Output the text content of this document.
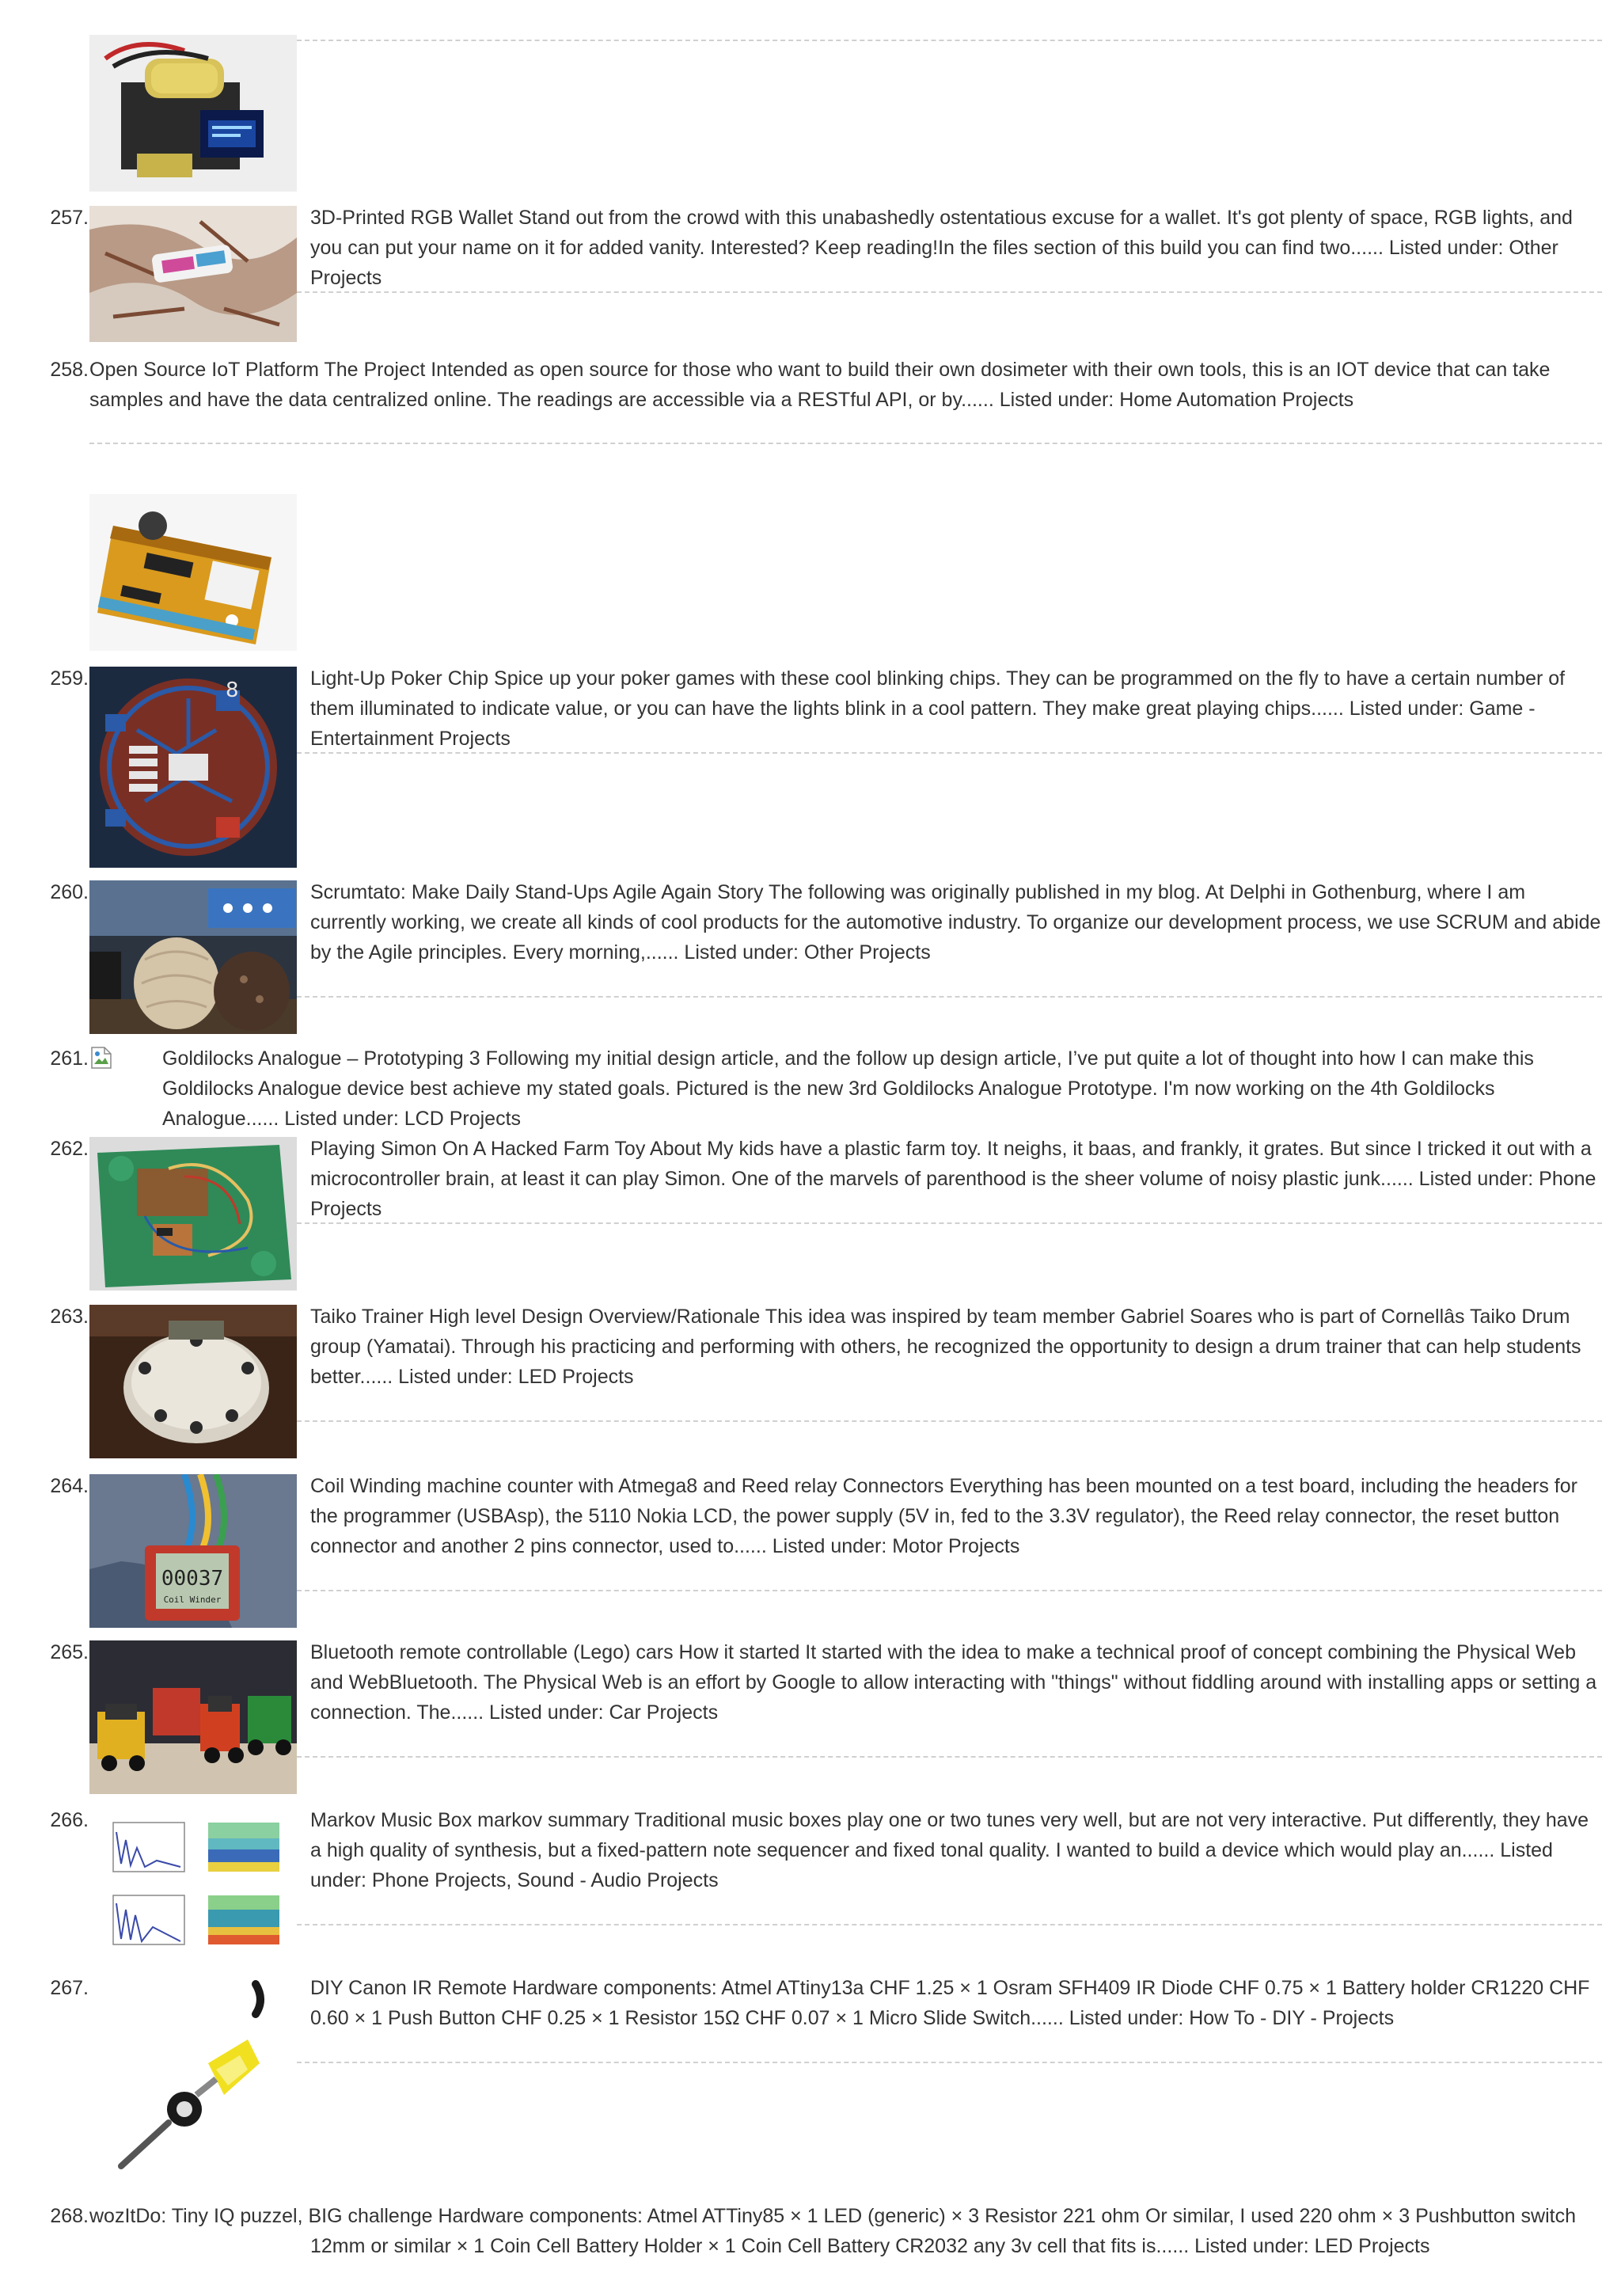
257.	3D-Printed RGB Wallet Stand out from the crowd with this unabashedly ostentatious excuse for a wallet. It's got plenty of space, RGB lights, and you can put your name on it for added vanity. Interested? Keep reading!In the files section of this build you can find two...... Listed under: Other Projects
258. Open Source IoT Platform The Project Intended as open source for those who want to build their own dosimeter with their own tools, this is an IOT device that can take samples and have the data centralized online. The readings are accessible via a RESTful API, or by...... Listed under: Home Automation Projects
259.	8	Light-Up Poker Chip Spice up your poker games with these cool blinking chips. They can be programmed on the fly to have a certain number of them illuminated to indicate value, or you can have the lights blink in a cool pattern. They make great playing chips...... Listed under: Game - Entertainment Projects
260.	Scrumtato: Make Daily Stand-Ups Agile Again Story The following was originally published in my blog. At Delphi in Gothenburg, where I am currently working, we create all kinds of cool products for the automotive industry. To organize our development process, we use SCRUM and abide by the Agile principles. Every morning,...... Listed under: Other Projects
261.	Goldilocks Analogue – Prototyping 3 Following my initial design article, and the follow up design article, I’ve put quite a lot of thought into how I can make this Goldilocks Analogue device best achieve my stated goals. Pictured is the new 3rd Goldilocks Analogue Prototype. I'm now working on the 4th Goldilocks Analogue...... Listed under: LCD Projects
262.	Playing Simon On A Hacked Farm Toy About My kids have a plastic farm toy. It neighs, it baas, and frankly, it grates. But since I tricked it out with a microcontroller brain, at least it can play Simon. One of the marvels of parenthood is the sheer volume of noisy plastic junk...... Listed under: Phone Projects
263.	Taiko Trainer High level Design Overview/Rationale This idea was inspired by team member Gabriel Soares who is part of Cornellâs Taiko Drum group (Yamatai). Through his practicing and performing with others, he recognized the opportunity to design a drum trainer that can help students better...... Listed under: LED Projects
264.
00037
Coil Winder
Coil Winding machine counter with Atmega8 and Reed relay Connectors Everything has been mounted on a test board, including the headers for the programmer (USBAsp), the 5110 Nokia LCD, the power supply (5V in, fed to the 3.3V regulator), the Reed relay connector, the reset button connector and another 2 pins connector, used to...... Listed under: Motor Projects
265.	Bluetooth remote controllable (Lego) cars How it started It started with the idea to make a technical proof of concept combining the Physical Web and WebBluetooth. The Physical Web is an effort by Google to allow interacting with "things" without fiddling around with installing apps or setting a connection. The...... Listed under: Car Projects
266.	Markov Music Box markov summary Traditional music boxes play one or two tunes very well, but are not very interactive. Put differently, they have a high quality of synthesis, but a fixed-pattern note sequencer and fixed tonal quality. I wanted to build a device which would play an...... Listed under: Phone Projects, Sound - Audio Projects
267.	DIY Canon IR Remote Hardware components: Atmel ATtiny13a CHF 1.25 × 1 Osram SFH409 IR Diode CHF 0.75 × 1 Battery holder CR1220 CHF 0.60 × 1 Push Button CHF 0.25 × 1 Resistor 15Ω CHF 0.07 × 1 Micro Slide Switch...... Listed under: How To - DIY - Projects
268. wozItDo: Tiny IQ puzzel, BIG challenge Hardware components: Atmel ATTiny85 × 1 LED (generic) × 3 Resistor 221 ohm Or similar, I used 220 ohm × 3 Pushbutton switch 12mm or similar × 1 Coin Cell Battery Holder × 1 Coin Cell Battery CR2032 any 3v cell that fits is...... Listed under: LED Projects
